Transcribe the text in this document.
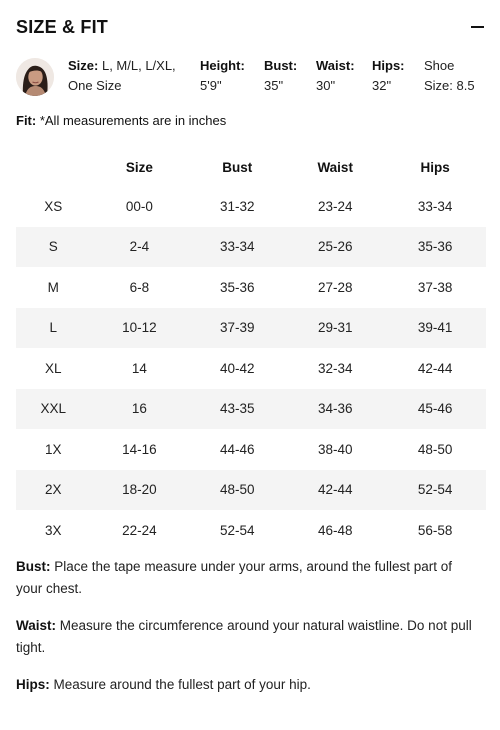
SIZE & FIT
Size: L, M/L, L/XL,
One Size
Height:
5'9"
Bust:
35"
Waist:
30"
Hips:
32"
Shoe
Size: 8.5
Fit: *All measurements are in inches
	Size	Bust	Waist	Hips
XS	00-0	31-32	23-24	33-34
S	2-4	33-34	25-26	35-36
M	6-8	35-36	27-28	37-38
L	10-12	37-39	29-31	39-41
XL	14	40-42	32-34	42-44
XXL	16	43-35	34-36	45-46
1X	14-16	44-46	38-40	48-50
2X	18-20	48-50	42-44	52-54
3X	22-24	52-54	46-48	56-58
Bust: Place the tape measure under your arms, around the fullest part of your chest.
Waist: Measure the circumference around your natural waistline. Do not pull tight.
Hips: Measure around the fullest part of your hip.
